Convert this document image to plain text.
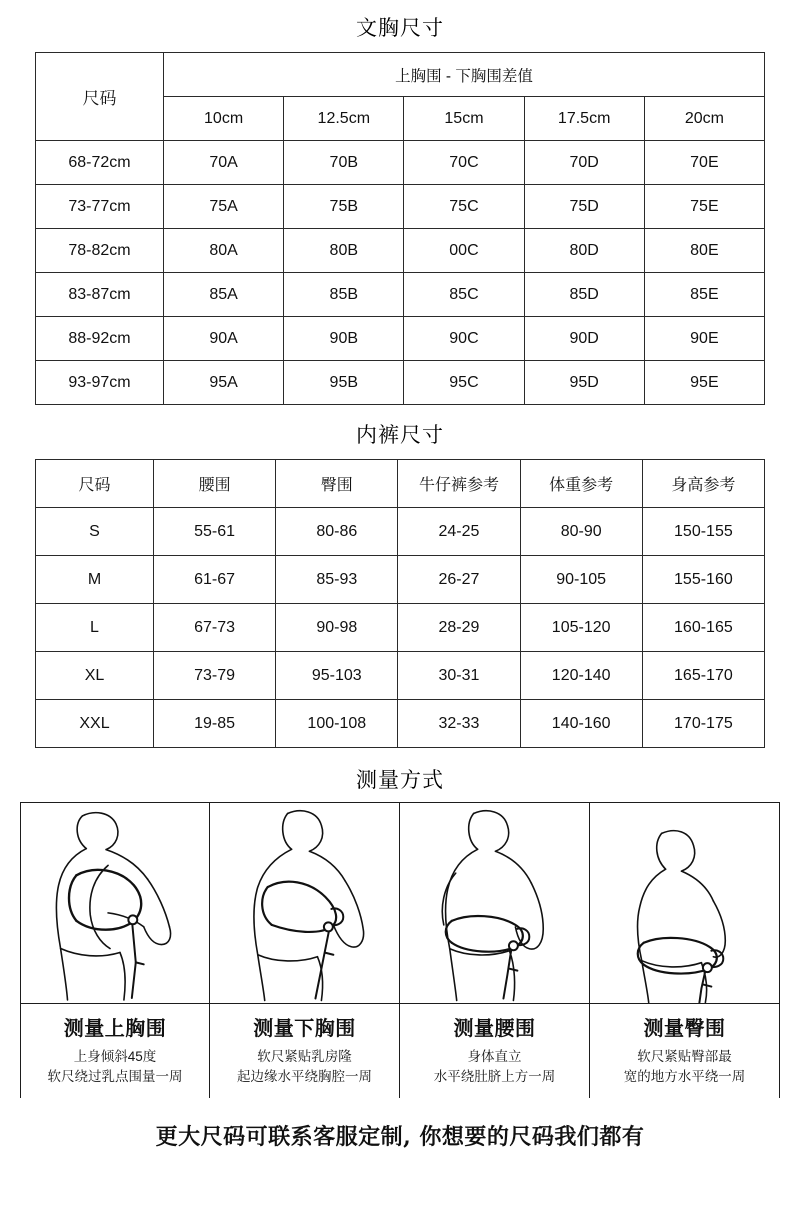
文胸尺寸
尺码	上胸围 - 下胸围差值				
	10cm	12.5cm	15cm	17.5cm	20cm
68-72cm	70A	70B	70C	70D	70E
73-77cm	75A	75B	75C	75D	75E
78-82cm	80A	80B	00C	80D	80E
83-87cm	85A	85B	85C	85D	85E
88-92cm	90A	90B	90C	90D	90E
93-97cm	95A	95B	95C	95D	95E
内裤尺寸
尺码	腰围	臀围	牛仔裤参考	体重参考	身高参考
S	55-61	80-86	24-25	80-90	150-155
M	61-67	85-93	26-27	90-105	155-160
L	67-73	90-98	28-29	105-120	160-165
XL	73-79	95-103	30-31	120-140	165-170
XXL	19-85	100-108	32-33	140-160	170-175
测量方式
测量上胸围
上身倾斜45度
软尺绕过乳点围量一周
测量下胸围
软尺紧贴乳房隆
起边缘水平绕胸腔一周
测量腰围
身体直立
水平绕肚脐上方一周
测量臀围
软尺紧贴臀部最
宽的地方水平绕一周
更大尺码可联系客服定制, 你想要的尺码我们都有
